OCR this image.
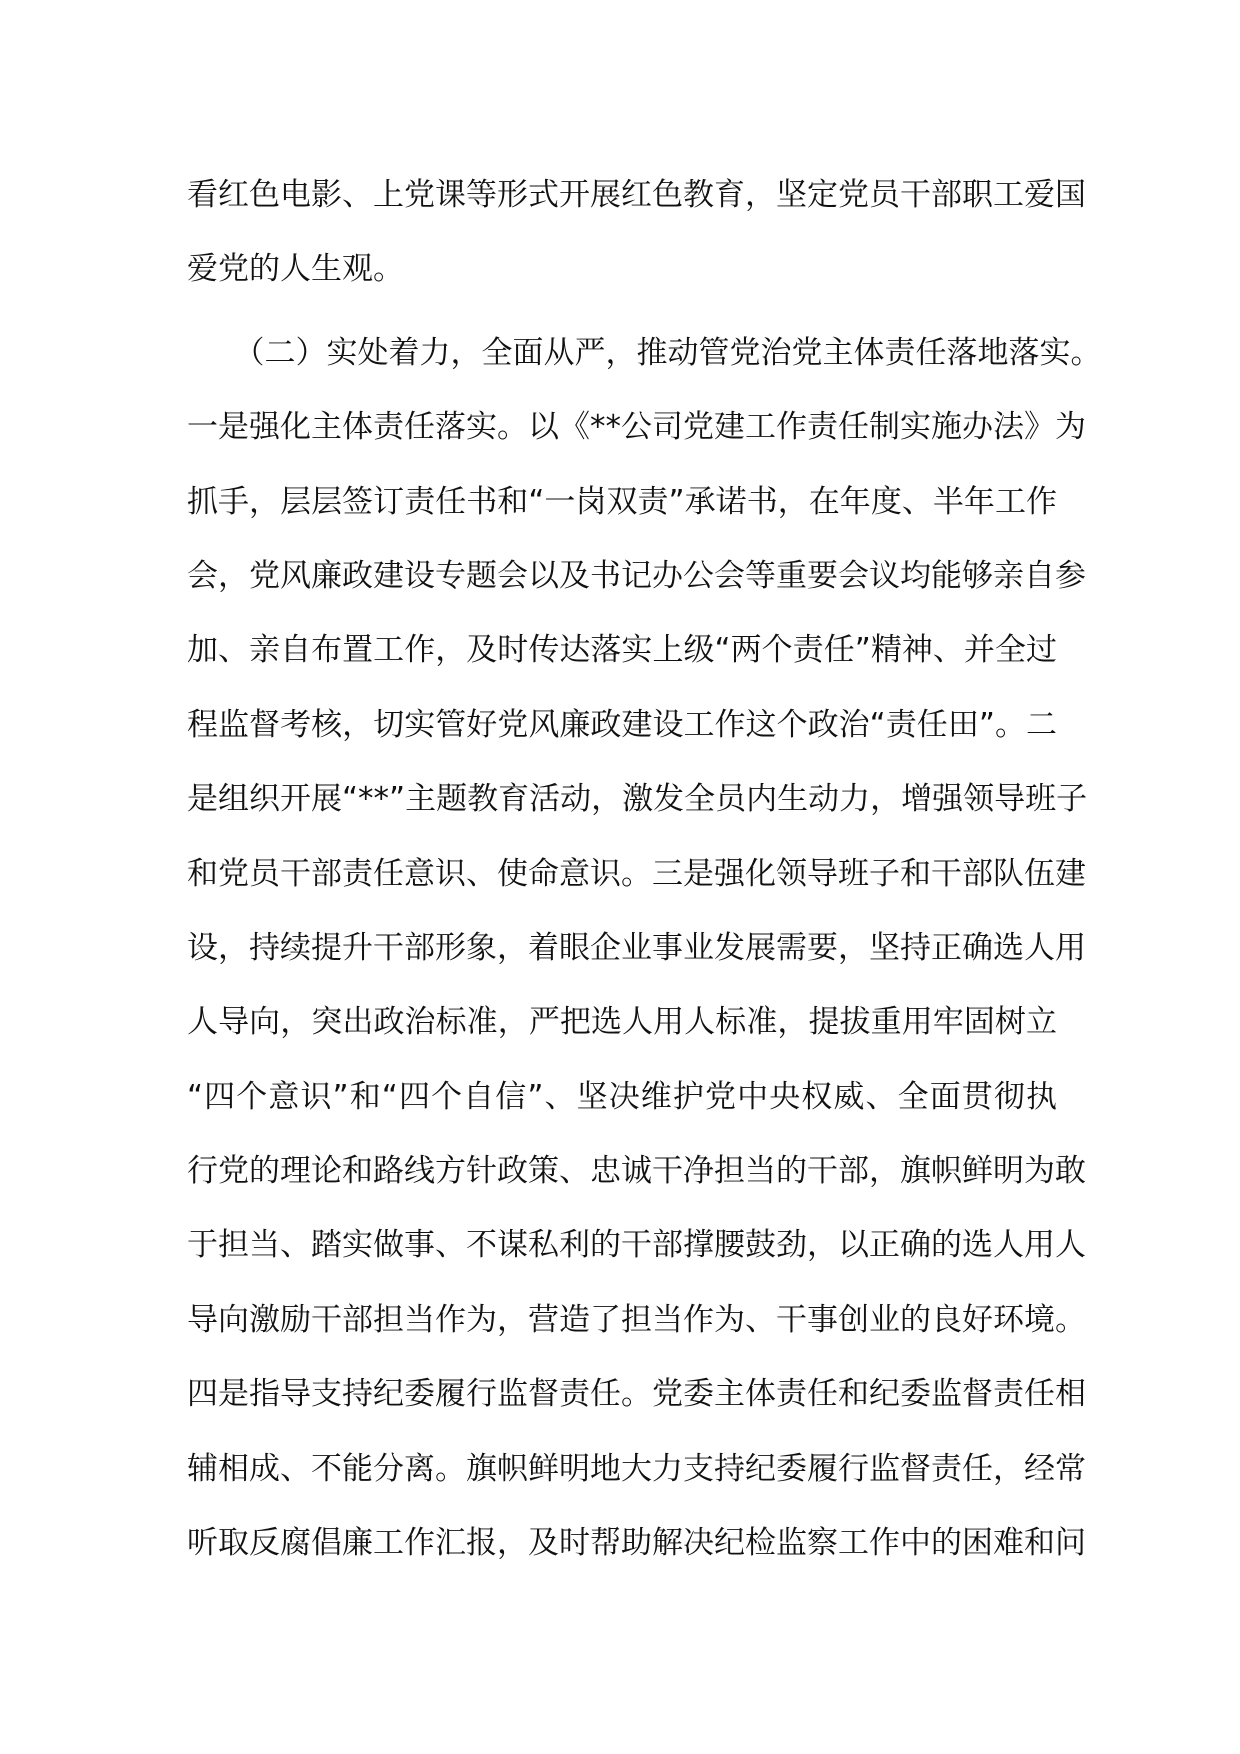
看红色电影、上党课等形式开展红色教育，坚定党员干部职工爱国
爱党的人生观。
　　（二）实处着力，全面从严，推动管党治党主体责任落地落实。
一是强化主体责任落实。以《**公司党建工作责任制实施办法》为
抓手，层层签订责任书和“一岗双责”承诺书，在年度、半年工作
会，党风廉政建设专题会以及书记办公会等重要会议均能够亲自参
加、亲自布置工作，及时传达落实上级“两个责任”精神、并全过
程监督考核，切实管好党风廉政建设工作这个政治“责任田”。二
是组织开展“**”主题教育活动，激发全员内生动力，增强领导班子
和党员干部责任意识、使命意识。三是强化领导班子和干部队伍建
设，持续提升干部形象，着眼企业事业发展需要，坚持正确选人用
人导向，突出政治标准，严把选人用人标准，提拔重用牢固树立
“四个意识”和“四个自信”、坚决维护党中央权威、全面贯彻执
行党的理论和路线方针政策、忠诚干净担当的干部，旗帜鲜明为敢
于担当、踏实做事、不谋私利的干部撑腰鼓劲，以正确的选人用人
导向激励干部担当作为，营造了担当作为、干事创业的良好环境。
四是指导支持纪委履行监督责任。党委主体责任和纪委监督责任相
辅相成、不能分离。旗帜鲜明地大力支持纪委履行监督责任，经常
听取反腐倡廉工作汇报，及时帮助解决纪检监察工作中的困难和问
